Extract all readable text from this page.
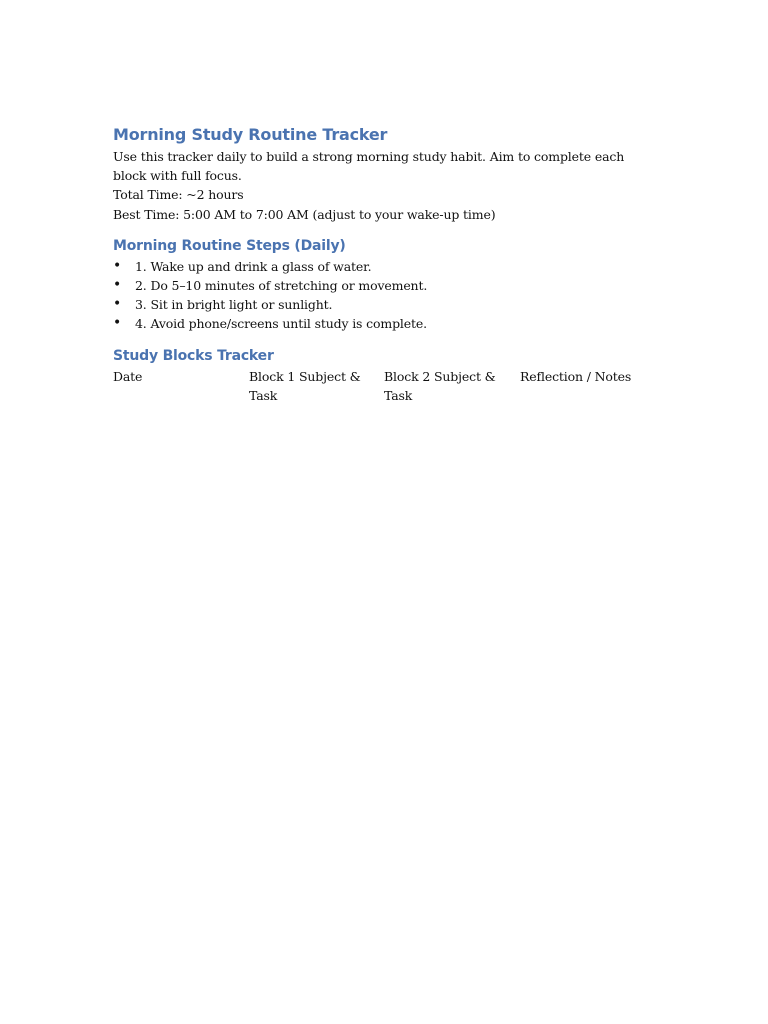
Morning Study Routine Tracker

Use this tracker daily to build a strong morning study habit. Aim to complete each block with full focus.

Total Time: ~2 hours

Best Time: 5:00 AM to 7:00 AM (adjust to your wake-up time)

Morning Routine Steps (Daily)
• 1. Wake up and drink a glass of water.
• 2. Do 5–10 minutes of stretching or movement.
• 3. Sit in bright light or sunlight.
• 4. Avoid phone/screens until study is complete.
Study Blocks Tracker
Date	Block 1 Subject & Task	Block 2 Subject & Task	Reflection / Notes
